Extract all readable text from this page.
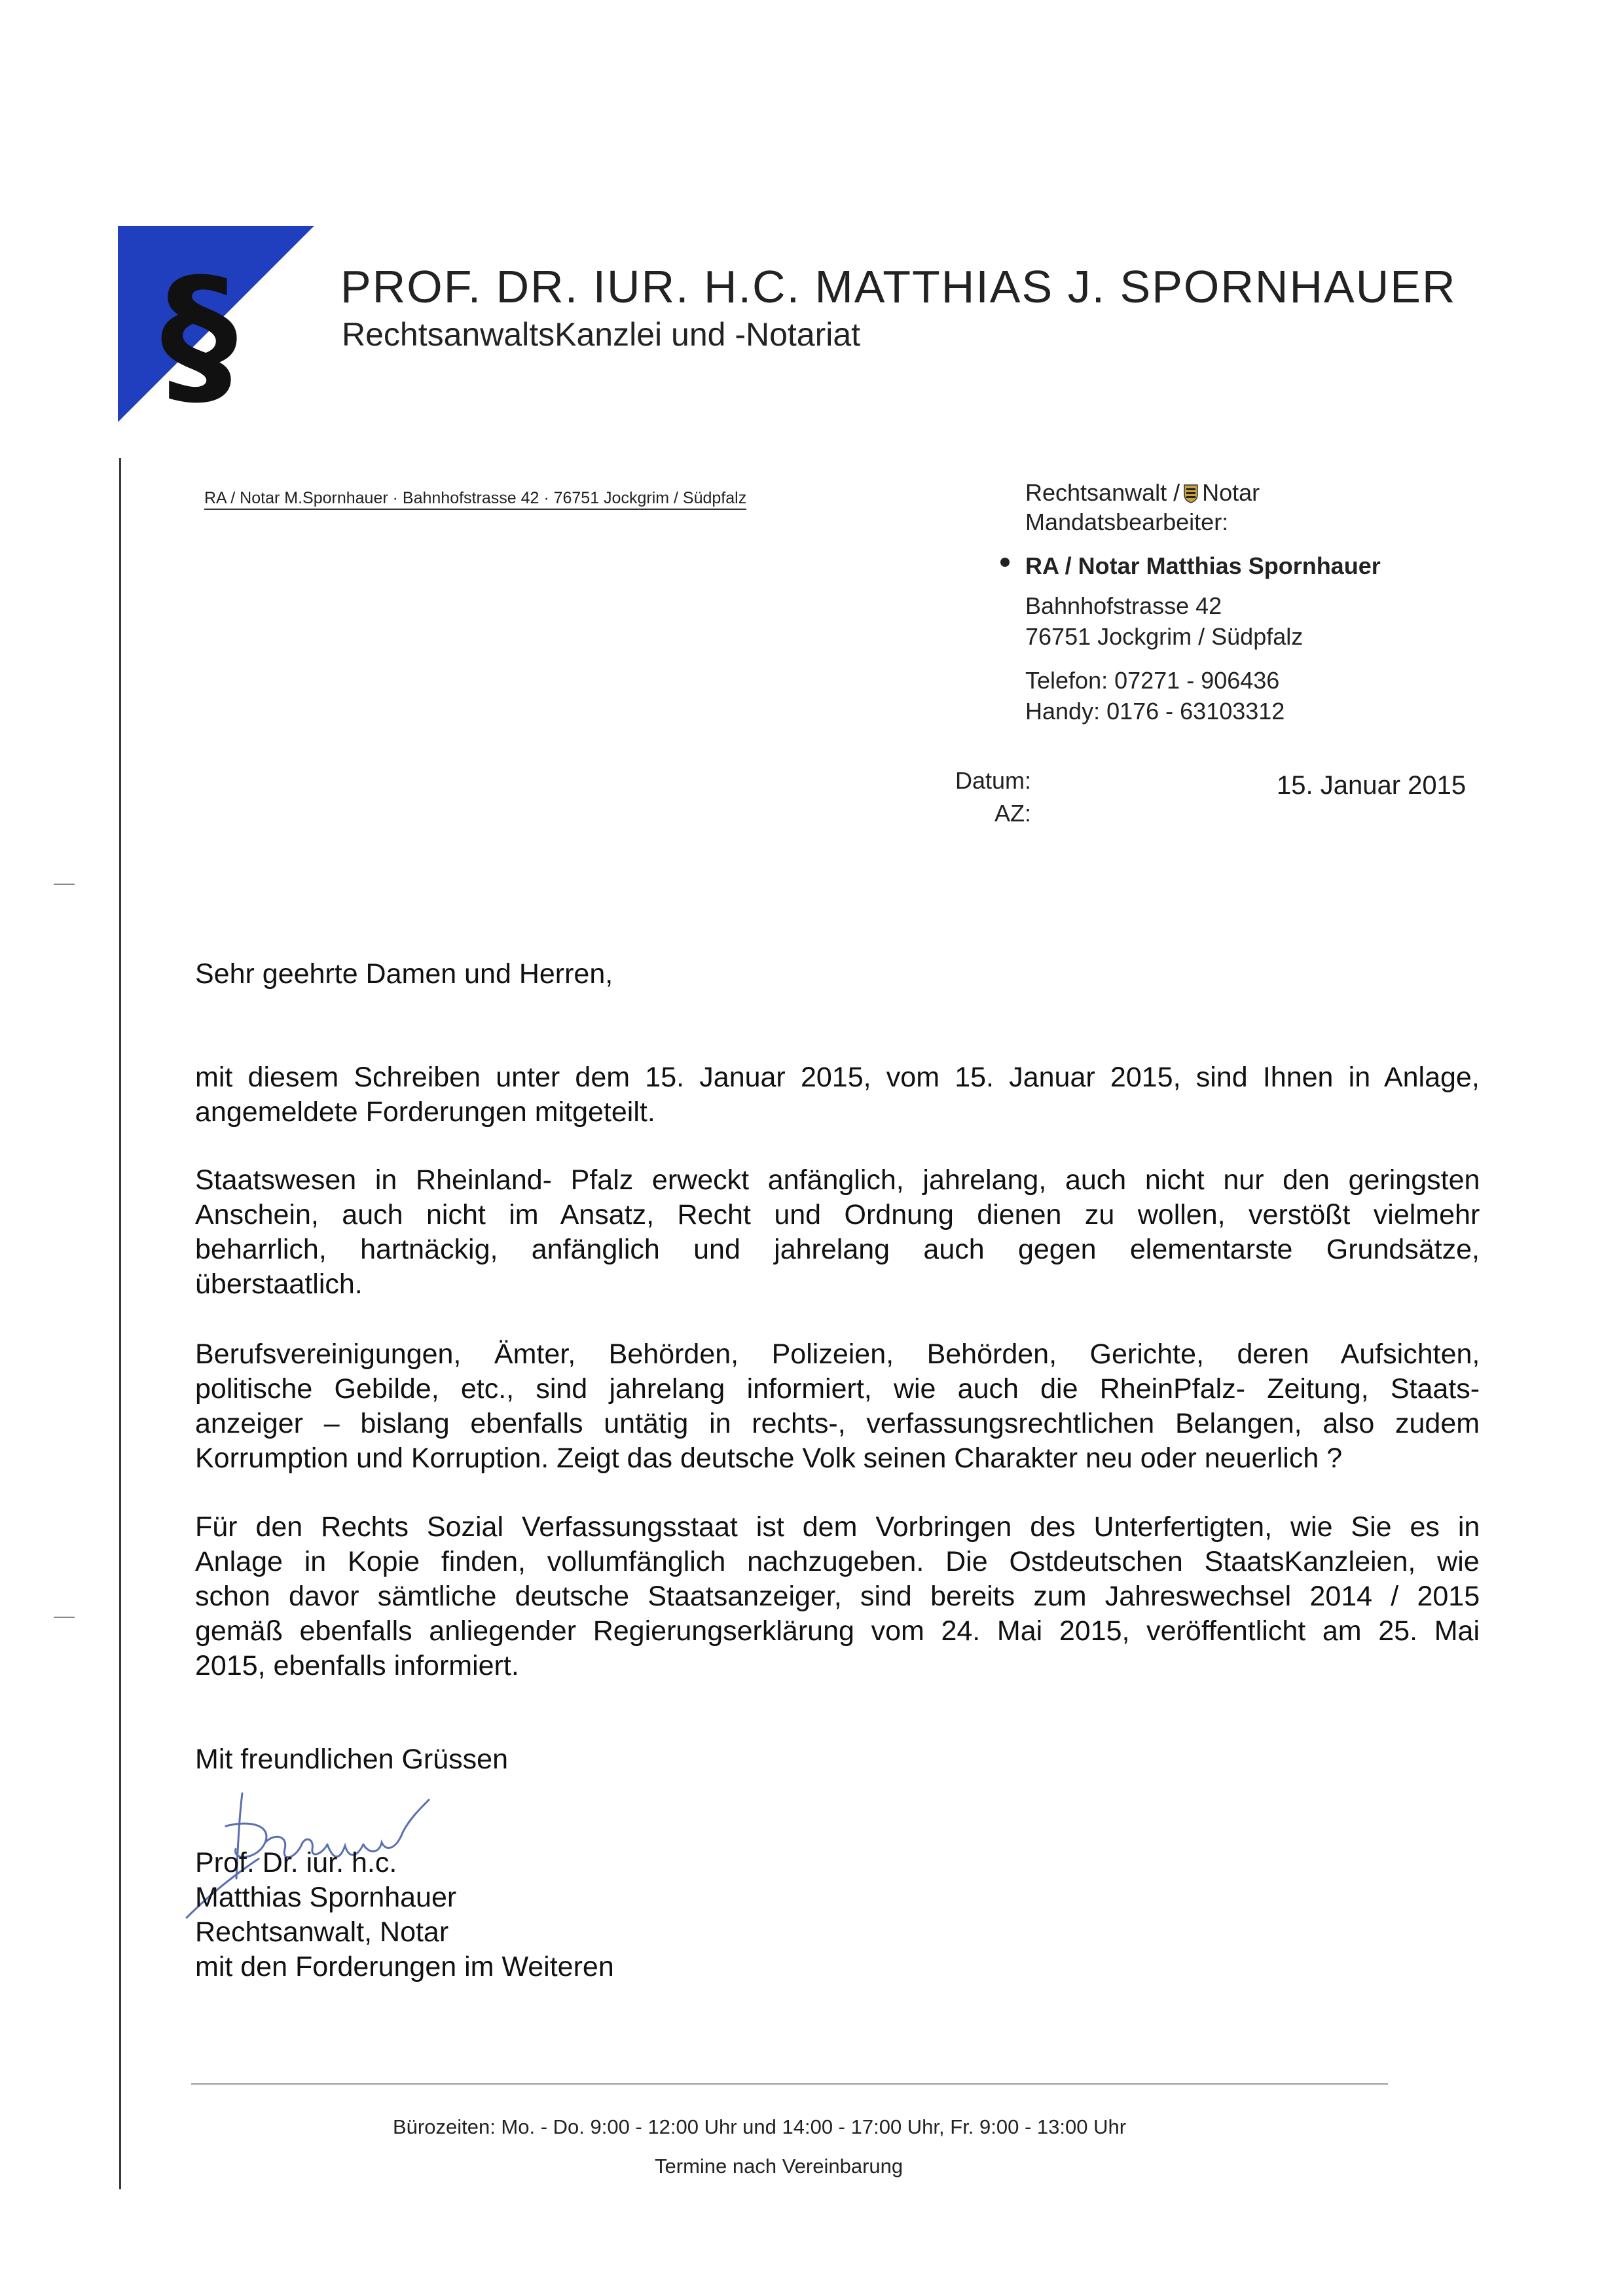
§ PROF. DR. IUR. H.C. MATTHIAS J. SPORNHAUER
RechtsanwaltsKanzlei und -Notariat
RA / Notar M.Spornhauer · Bahnhofstrasse 42 · 76751 Jockgrim / Südpfalz	Rechtsanwalt / Notar
Mandatsbearbeiter:
RA / Notar Matthias Spornhauer
Bahnhofstrasse 42
76751 Jockgrim / Südpfalz
Telefon: 07271 - 906436
Handy: 0176 - 63103312
Datum:
AZ:
15. Januar 2015
Sehr geehrte Damen und Herren,
mit diesem Schreiben unter dem 15. Januar 2015, vom 15. Januar 2015, sind Ihnen in Anlage,
angemeldete Forderungen mitgeteilt.
Staatswesen in Rheinland- Pfalz erweckt anfänglich, jahrelang, auch nicht nur den geringsten
Anschein, auch nicht im Ansatz, Recht und Ordnung dienen zu wollen, verstößt vielmehr
beharrlich, hartnäckig, anfänglich und jahrelang auch gegen elementarste Grundsätze,
überstaatlich.
Berufsvereinigungen, Ämter, Behörden, Polizeien, Behörden, Gerichte, deren Aufsichten,
politische Gebilde, etc., sind jahrelang informiert, wie auch die RheinPfalz- Zeitung, Staats-
anzeiger – bislang ebenfalls untätig in rechts-, verfassungsrechtlichen Belangen, also zudem
Korrumption und Korruption. Zeigt das deutsche Volk seinen Charakter neu oder neuerlich ?
Für den Rechts Sozial Verfassungsstaat ist dem Vorbringen des Unterfertigten, wie Sie es in
Anlage in Kopie finden, vollumfänglich nachzugeben. Die Ostdeutschen StaatsKanzleien, wie
schon davor sämtliche deutsche Staatsanzeiger, sind bereits zum Jahreswechsel 2014 / 2015
gemäß ebenfalls anliegender Regierungserklärung vom 24. Mai 2015, veröffentlicht am 25. Mai
2015, ebenfalls informiert.
Mit freundlichen Grüssen
Prof. Dr. iur. h.c.
Matthias Spornhauer
Rechtsanwalt, Notar
mit den Forderungen im Weiteren
Bürozeiten: Mo. - Do. 9:00 - 12:00 Uhr und 14:00 - 17:00 Uhr, Fr. 9:00 - 13:00 Uhr
Termine nach Vereinbarung
